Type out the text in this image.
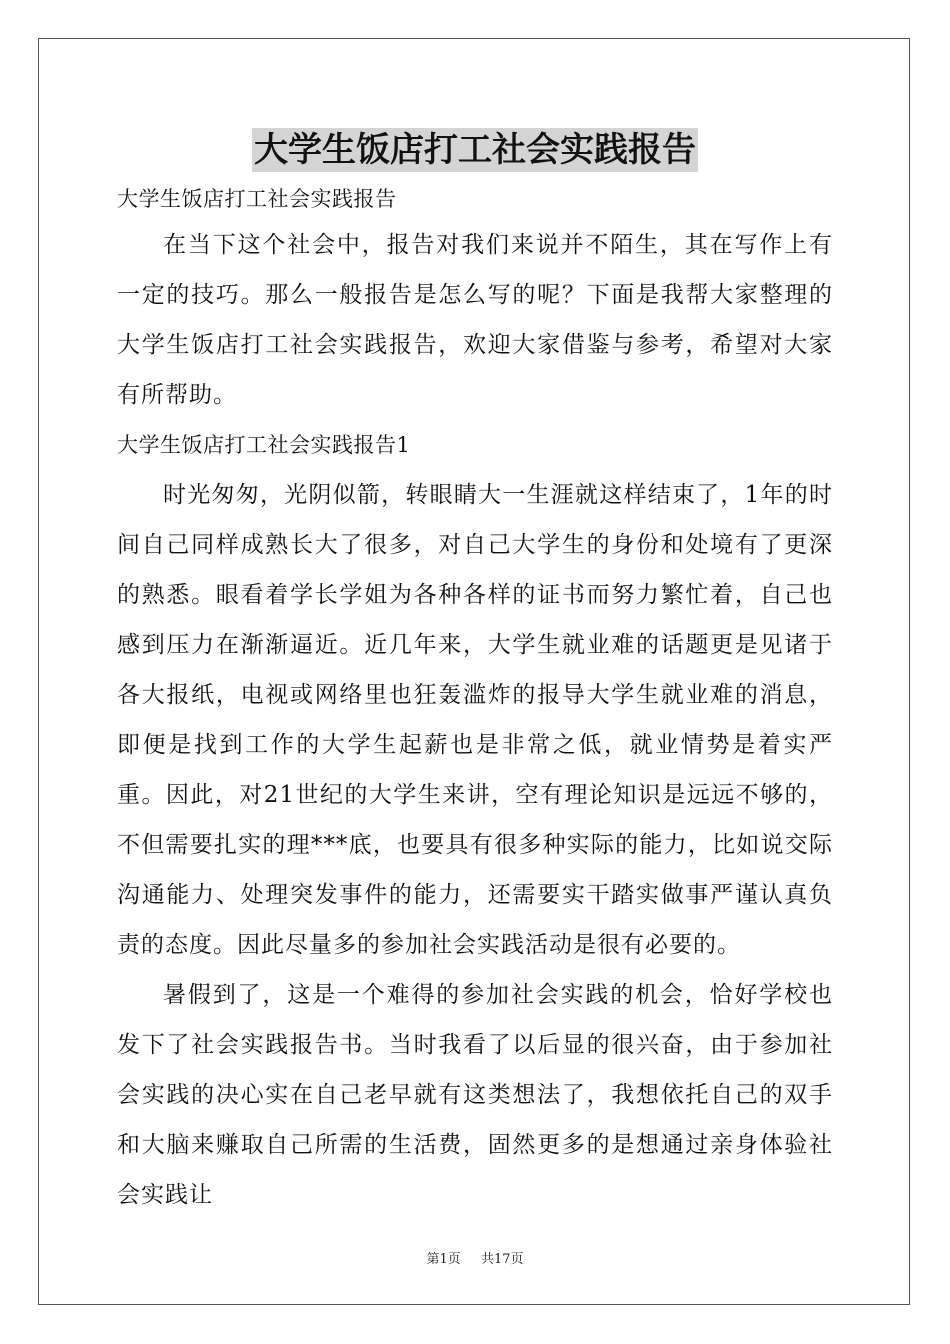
大学生饭店打工社会实践报告

大学生饭店打工社会实践报告

在当下这个社会中，报告对我们来说并不陌生，其在写作上有一定的技巧。那么一般报告是怎么写的呢？下面是我帮大家整理的大学生饭店打工社会实践报告，欢迎大家借鉴与参考，希望对大家有所帮助。

大学生饭店打工社会实践报告1

时光匆匆，光阴似箭，转眼睛大一生涯就这样结束了，1年的时间自己同样成熟长大了很多，对自己大学生的身份和处境有了更深的熟悉。眼看着学长学姐为各种各样的证书而努力繁忙着，自己也感到压力在渐渐逼近。近几年来，大学生就业难的话题更是见诸于各大报纸，电视或网络里也狂轰滥炸的报导大学生就业难的消息，即便是找到工作的大学生起薪也是非常之低，就业情势是着实严重。因此，对21世纪的大学生来讲，空有理论知识是远远不够的，不但需要扎实的理***底，也要具有很多种实际的能力，比如说交际沟通能力、处理突发事件的能力，还需要实干踏实做事严谨认真负责的态度。因此尽量多的参加社会实践活动是很有必要的。

暑假到了，这是一个难得的参加社会实践的机会，恰好学校也发下了社会实践报告书。当时我看了以后显的很兴奋，由于参加社会实践的决心实在自己老早就有这类想法了，我想依托自己的双手和大脑来赚取自己所需的生活费，固然更多的是想通过亲身体验社会实践让

第1页 共17页
